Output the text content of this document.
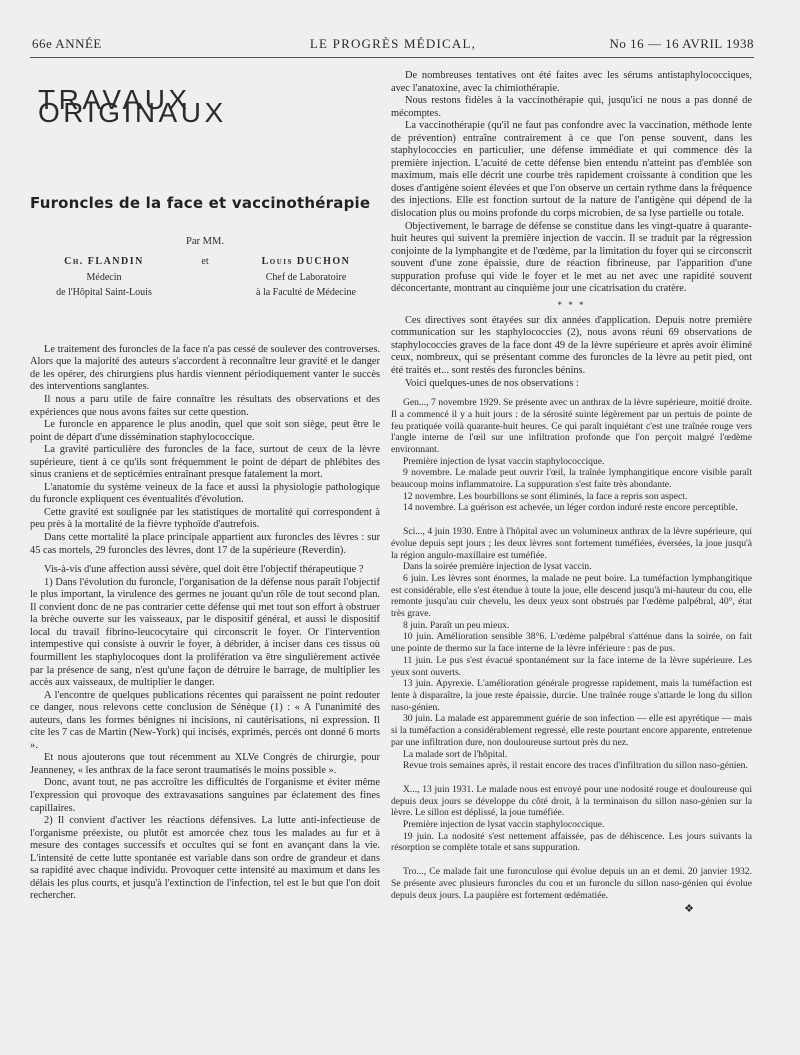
66e ANNÉE	LE PROGRÈS MÉDICAL,	No 16 — 16 AVRIL 1938
TRAVAUX ORIGINAUX
Furoncles de la face et vaccinothérapie
Par MM.
Ch. FLANDIN
Médecin
de l'Hôpital Saint-Louis
et	Louis DUCHON
Chef de Laboratoire
à la Faculté de Médecine

Le traitement des furoncles de la face n'a pas cessé de soulever des controverses. Alors que la majorité des auteurs s'accordent à reconnaître leur gravité et le danger de les opérer, des chirurgiens plus hardis viennent périodiquement vanter le succès des interventions sanglantes.

Il nous a paru utile de faire connaître les résultats des observations et des expériences que nous avons faites sur cette question.

Le furoncle en apparence le plus anodin, quel que soit son siège, peut être le point de départ d'une dissémination staphylococcique.

La gravité particulière des furoncles de la face, surtout de ceux de la lèvre supérieure, tient à ce qu'ils sont fréquemment le point de départ de phlébites des sinus craniens et de septicémies entraînant presque fatalement la mort.

L'anatomie du système veineux de la face et aussi la physiologie pathologique du furoncle expliquent ces éventualités d'évolution.

Cette gravité est soulignée par les statistiques de mortalité qui correspondent à peu près à la mortalité de la fièvre typhoïde d'autrefois.

Dans cette mortalité la place principale appartient aux furoncles des lèvres : sur 45 cas mortels, 29 furoncles des lèvres, dont 17 de la supérieure (Reverdin).

Vis-à-vis d'une affection aussi sévère, quel doit être l'objectif thérapeutique ?

1) Dans l'évolution du furoncle, l'organisation de la défense nous paraît l'objectif le plus important, la virulence des germes ne jouant qu'un rôle de tout second plan. Il convient donc de ne pas contrarier cette défense qui met tout son effort à obstruer la brèche ouverte sur les vaisseaux, par le dispositif général, et aussi le dispositif local du travail fibrino-leucocytaire qui circonscrit le foyer. Or l'intervention intempestive qui consiste à ouvrir le foyer, à débrider, à inciser dans ces tissus où fourmillent les staphylocoques dont la prolifération va être singulièrement activée par la présence de sang, n'est qu'une façon de détruire le barrage, de multiplier les accès aux vaisseaux, de multiplier le danger.

A l'encontre de quelques publications récentes qui paraissent ne point redouter ce danger, nous relevons cette conclusion de Sénèque (1) : « A l'unanimité des auteurs, dans les formes bénignes ni incisions, ni cautérisations, ni expression. Il cite les 7 cas de Martin (New-York) qui incisés, exprimés, percés ont donné 6 morts ».

Et nous ajouterons que tout récemment au XLVe Congrès de chirurgie, pour Jeanneney, « les anthrax de la face seront traumatisés le moins possible ».

Donc, avant tout, ne pas accroître les difficultés de l'organisme et éviter même l'expression qui provoque des extravasations sanguines par éclatement des fines capillaires.

2) Il convient d'activer les réactions défensives. La lutte anti-infectieuse de l'organisme préexiste, ou plutôt est amorcée chez tous les malades au fur et à mesure des contages successifs et occultes qui se font en avançant dans la vie. L'intensité de cette lutte spontanée est variable dans son ordre de grandeur et dans sa rapidité avec chaque individu. Provoquer cette intensité au maximum et dans les délais les plus courts, et jusqu'à l'extinction de l'infection, tel est le but que l'on doit rechercher.

De nombreuses tentatives ont été faites avec les sérums antistaphylococciques, avec l'anatoxine, avec la chimiothérapie.

Nous restons fidèles à la vaccinothérapie qui, jusqu'ici ne nous a pas donné de mécomptes.

La vaccinothérapie (qu'il ne faut pas confondre avec la vaccination, méthode lente de prévention) entraîne contrairement à ce que l'on pense souvent, dans les staphylococcies en particulier, une défense immédiate et qui commence dès la première injection. L'acuité de cette défense bien entendu n'atteint pas d'emblée son maximum, mais elle décrit une courbe très rapidement croissante à condition que les doses d'antigène soient élevées et que l'on observe un certain rythme dans la fréquence des injections. Elle est fonction surtout de la nature de l'antigène qui dépend de la dislocation plus ou moins profonde du corps microbien, de sa lyse partielle ou totale.

Objectivement, le barrage de défense se constitue dans les vingt-quatre à quarante-huit heures qui suivent la première injection de vaccin. Il se traduit par la régression conjointe de la lymphangite et de l'œdème, par la limitation du foyer qui se circonscrit souvent d'une zone épaissie, dure de réaction fibrineuse, par l'apparition d'une suppuration profuse qui vide le foyer et le met au net avec une rapidité souvent déconcertante, montrant au cinquième jour une cicatrisation du cratère.

* * *

Ces directives sont étayées sur dix années d'application. Depuis notre première communication sur les staphylococcies (2), nous avons réuni 69 observations de staphylococcies graves de la face dont 49 de la lèvre supérieure et après avoir éliminé ceux, nombreux, qui se présentant comme des furoncles de la lèvre au petit pied, ont été traités et... sont restés des furoncles bénins.

Voici quelques-unes de nos observations :

Gen..., 7 novembre 1929. Se présente avec un anthrax de la lèvre supérieure, moitié droite. Il a commencé il y a huit jours : de la sérosité suinte légèrement par un pertuis de pointe de feu pratiquée voilà quarante-huit heures. Ce qui paraît inquiétant c'est une traînée rouge vers l'angle interne de l'œil sur une infiltration profonde que l'on perçoit malgré l'œdème environnant.

Première injection de lysat vaccin staphylococcique.

9 novembre. Le malade peut ouvrir l'œil, la traînée lymphangitique encore visible paraît beaucoup moins inflammatoire. La suppuration s'est faite très abondante.

12 novembre. Les bourbillons se sont éliminés, la face a repris son aspect.

14 novembre. La guérison est achevée, un léger cordon induré reste encore perceptible.

Sci..., 4 juin 1930. Entre à l'hôpital avec un volumineux anthrax de la lèvre supérieure, qui évolue depuis sept jours ; les deux lèvres sont fortement tuméfiées, éversées, la joue jusqu'à la région angulo-maxillaire est tuméfiée.

Dans la soirée première injection de lysat vaccin.

6 juin. Les lèvres sont énormes, la malade ne peut boire. La tuméfaction lymphangitique est considérable, elle s'est étendue à toute la joue, elle descend jusqu'à mi-hauteur du cou, elle remonte jusqu'au cuir chevelu, les deux yeux sont obstrués par l'œdème palpébral, 40°, état très grave.

8 juin. Paraît un peu mieux.

10 juin. Amélioration sensible 38°6. L'œdème palpébral s'atténue dans la soirée, on fait une pointe de thermo sur la face interne de la lèvre inférieure : pas de pus.

11 juin. Le pus s'est évacué spontanément sur la face interne de la lèvre supérieure. Les yeux sont ouverts.

13 juin. Apyrexie. L'amélioration générale progresse rapidement, mais la tuméfaction est lente à disparaître, la joue reste épaissie, durcie. Une traînée rouge s'attarde le long du sillon naso-génien.

30 juin. La malade est apparemment guérie de son infection — elle est apyrétique — mais si la tuméfaction a considérablement regressé, elle reste pourtant encore apparente, entretenue par une infiltration dure, non douloureuse surtout près du nez.

La malade sort de l'hôpital.

Revue trois semaines après, il restait encore des traces d'infiltration du sillon naso-génien.

X..., 13 juin 1931. Le malade nous est envoyé pour une nodosité rouge et douloureuse qui depuis deux jours se développe du côté droit, à la terminaison du sillon naso-génien sur la lèvre. Le sillon est déplissé, la joue tuméfiée.

Première injection de lysat vaccin staphylococcique.

19 juin. La nodosité s'est nettement affaissée, pas de déhiscence. Les jours suivants la résorption se complète totale et sans suppuration.

Tro..., Ce malade fait une furonculose qui évolue depuis un an et demi. 20 janvier 1932. Se présente avec plusieurs furoncles du cou et un furoncle du sillon naso-génien qui évolue depuis deux jours. La paupière est fortement œdématiée.

❖
